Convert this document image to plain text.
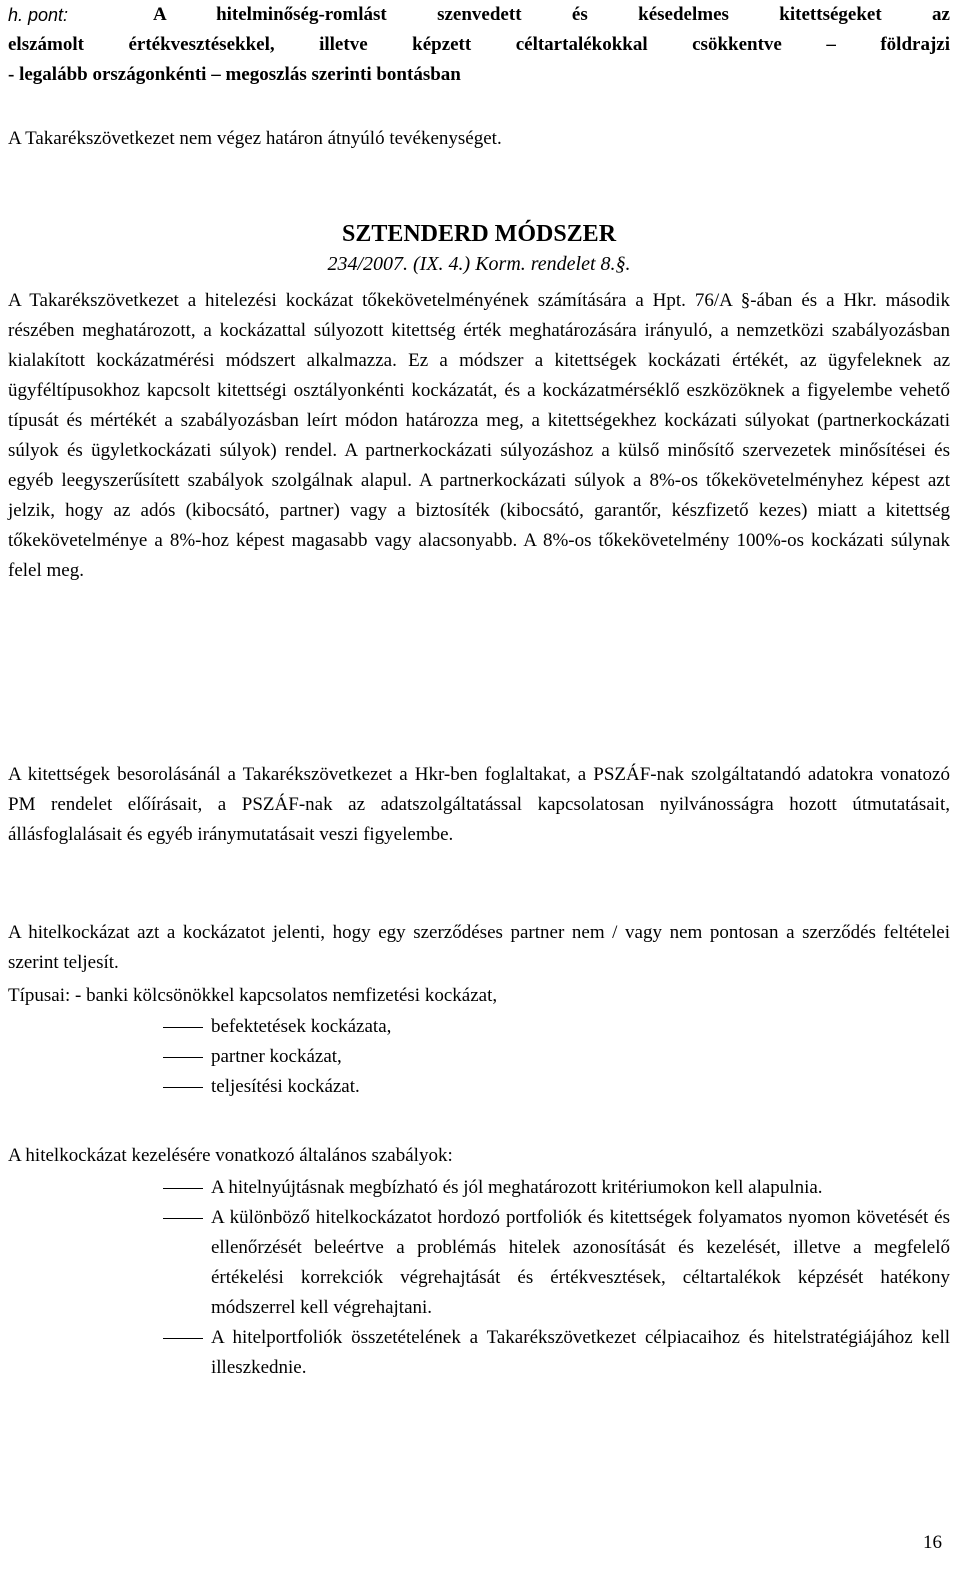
h. pont:	A hitelminőség-romlást szenvedett és késedelmes kitettségeket az
elszámolt értékvesztésekkel, illetve képzett céltartalékokkal csökkentve – földrajzi
- legalább országonkénti – megoszlás szerinti bontásban
A Takarékszövetkezet nem végez határon átnyúló tevékenységet.
SZTENDERD MÓDSZER
234/2007. (IX. 4.) Korm. rendelet 8.§.
A Takarékszövetkezet a hitelezési kockázat tőkekövetelményének számítására a Hpt. 76/A §-ában és a Hkr. második részében meghatározott, a kockázattal súlyozott kitettség érték meghatározására irányuló, a nemzetközi szabályozásban kialakított kockázatmérési módszert alkalmazza. Ez a módszer a kitettségek kockázati értékét, az ügyfeleknek az ügyféltípusokhoz kapcsolt kitettségi osztályonkénti kockázatát, és a kockázatmérséklő eszközöknek a figyelembe vehető típusát és mértékét a szabályozásban leírt módon határozza meg, a kitettségekhez kockázati súlyokat (partnerkockázati súlyok és ügyletkockázati súlyok) rendel. A partnerkockázati súlyozáshoz a külső minősítő szervezetek minősítései és egyéb leegyszerűsített szabályok szolgálnak alapul. A partnerkockázati súlyok a 8%-os tőkekövetelményhez képest azt jelzik, hogy az adós (kibocsátó, partner) vagy a biztosíték (kibocsátó, garantőr, készfizető kezes) miatt a kitettség tőkekövetelménye a 8%-hoz képest magasabb vagy alacsonyabb. A 8%-os tőkekövetelmény 100%-os kockázati súlynak felel meg.
A kitettségek besorolásánál a Takarékszövetkezet a Hkr-ben foglaltakat, a PSZÁF-nak szolgáltatandó adatokra vonatozó PM rendelet előírásait, a PSZÁF-nak az adatszolgáltatással kapcsolatosan nyilvánosságra hozott útmutatásait, állásfoglalásait és egyéb iránymutatásait veszi figyelembe.
A hitelkockázat azt a kockázatot jelenti, hogy egy szerződéses partner nem / vagy nem pontosan a szerződés feltételei szerint teljesít.
Típusai: - banki kölcsönökkel kapcsolatos nemfizetési kockázat,
befektetések kockázata,
partner kockázat,
teljesítési kockázat.
A hitelkockázat kezelésére vonatkozó általános szabályok:
A hitelnyújtásnak megbízható és jól meghatározott kritériumokon kell alapulnia.
A különböző hitelkockázatot hordozó portfoliók és kitettségek folyamatos nyomon követését és ellenőrzését beleértve a problémás hitelek azonosítását és kezelését, illetve a megfelelő értékelési korrekciók végrehajtását és értékvesztések, céltartalékok képzését hatékony módszerrel kell végrehajtani.
A hitelportfoliók összetételének a Takarékszövetkezet célpiacaihoz és hitelstratégiájához kell illeszkednie.
16
